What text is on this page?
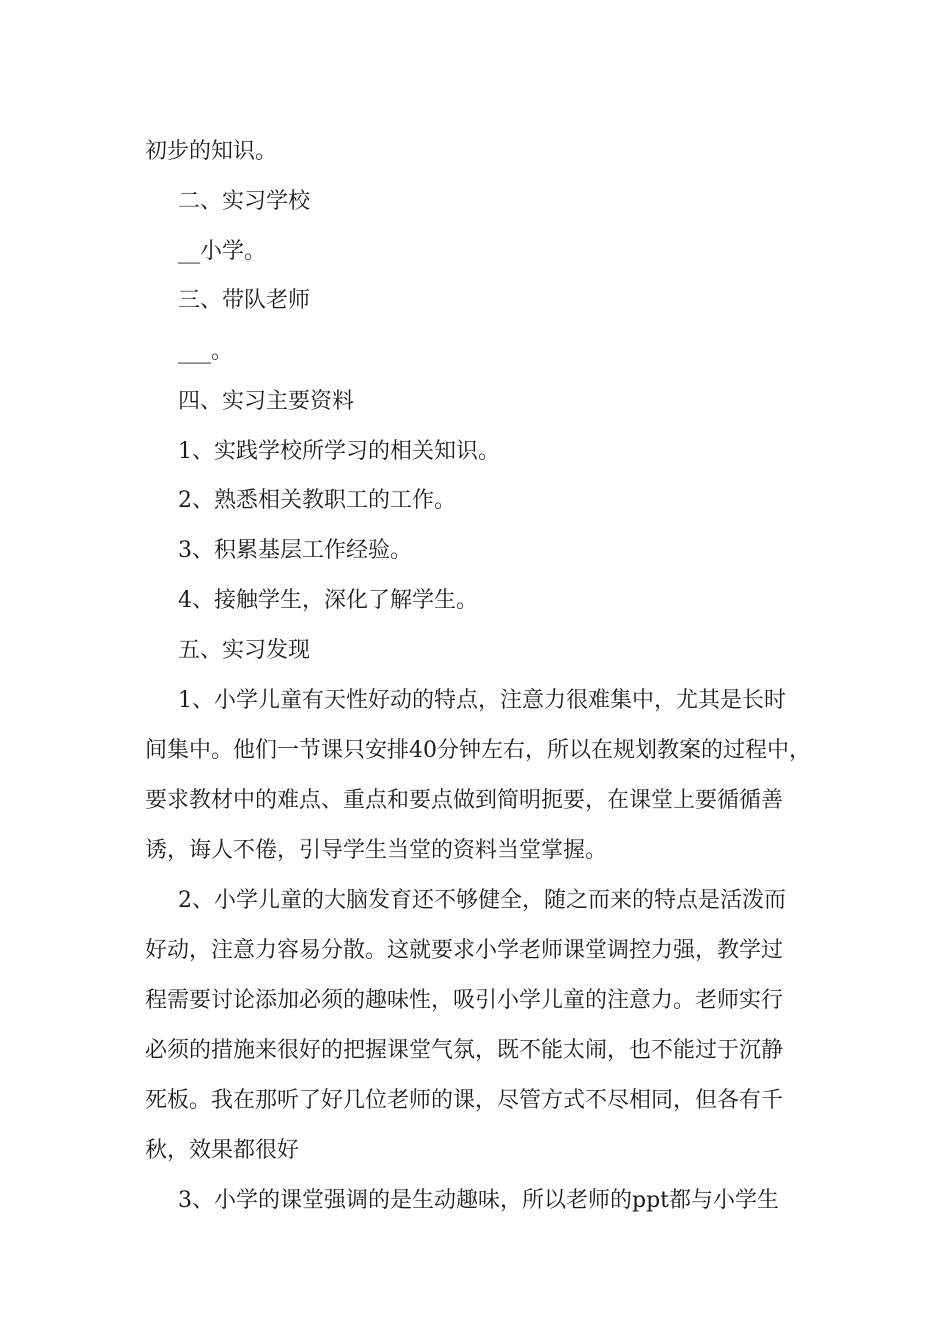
初步的知识。
二、实习学校
__小学。
三、带队老师
___。
四、实习主要资料
1、实践学校所学习的相关知识。
2、熟悉相关教职工的工作。
3、积累基层工作经验。
4、接触学生，深化了解学生。
五、实习发现
1、小学儿童有天性好动的特点，注意力很难集中，尤其是长时
间集中。他们一节课只安排40分钟左右，所以在规划教案的过程中，
要求教材中的难点、重点和要点做到简明扼要，在课堂上要循循善
诱，诲人不倦，引导学生当堂的资料当堂掌握。
2、小学儿童的大脑发育还不够健全，随之而来的特点是活泼而
好动，注意力容易分散。这就要求小学老师课堂调控力强，教学过
程需要讨论添加必须的趣味性，吸引小学儿童的注意力。老师实行
必须的措施来很好的把握课堂气氛，既不能太闹，也不能过于沉静
死板。我在那听了好几位老师的课，尽管方式不尽相同，但各有千
秋，效果都很好
3、小学的课堂强调的是生动趣味，所以老师的ppt都与小学生
